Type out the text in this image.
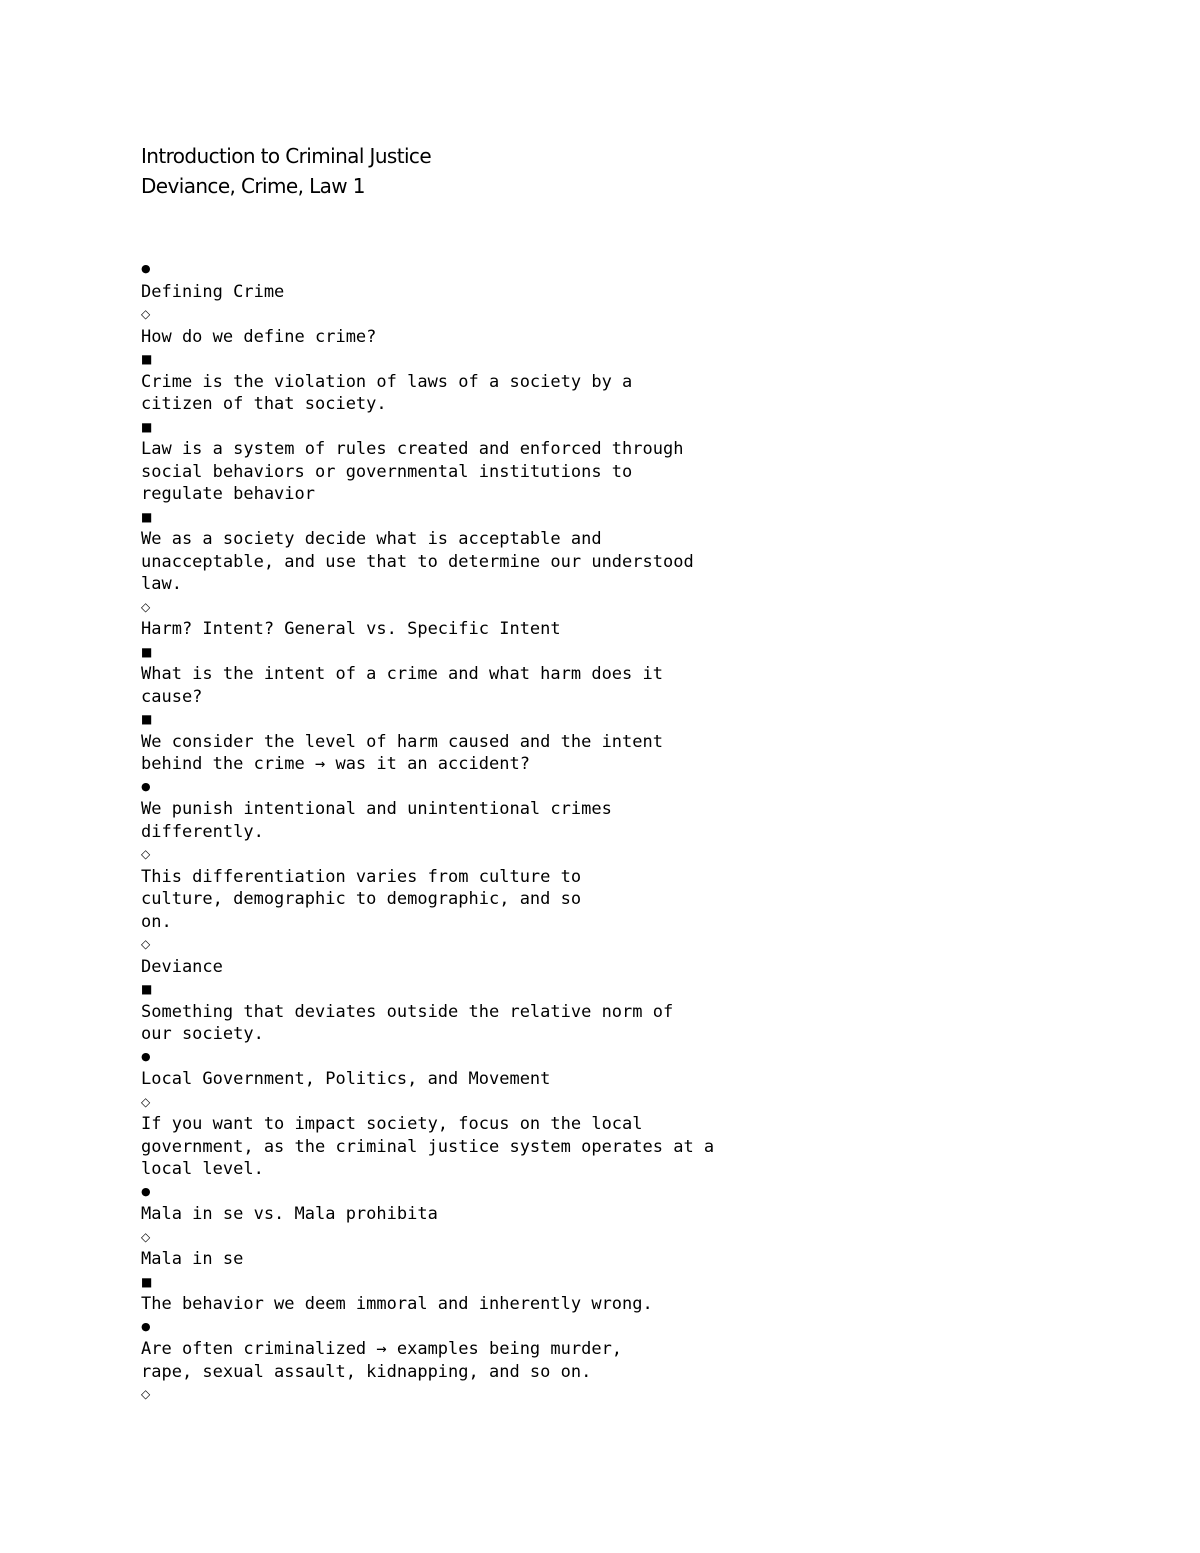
Introduction to Criminal Justice
Deviance, Crime, Law 1
●
Defining Crime
◇
How do we define crime?
■
Crime is the violation of laws of a society by a
citizen of that society.
■
Law is a system of rules created and enforced through
social behaviors or governmental institutions to
regulate behavior
■
We as a society decide what is acceptable and
unacceptable, and use that to determine our understood
law.
◇
Harm? Intent? General vs. Specific Intent
■
What is the intent of a crime and what harm does it
cause?
■
We consider the level of harm caused and the intent
behind the crime → was it an accident?
●
We punish intentional and unintentional crimes
differently.
◇
This differentiation varies from culture to
culture, demographic to demographic, and so
on.
◇
Deviance
■
Something that deviates outside the relative norm of
our society.
●
Local Government, Politics, and Movement
◇
If you want to impact society, focus on the local
government, as the criminal justice system operates at a
local level.
●
Mala in se vs. Mala prohibita
◇
Mala in se
■
The behavior we deem immoral and inherently wrong.
●
Are often criminalized → examples being murder,
rape, sexual assault, kidnapping, and so on.
◇
